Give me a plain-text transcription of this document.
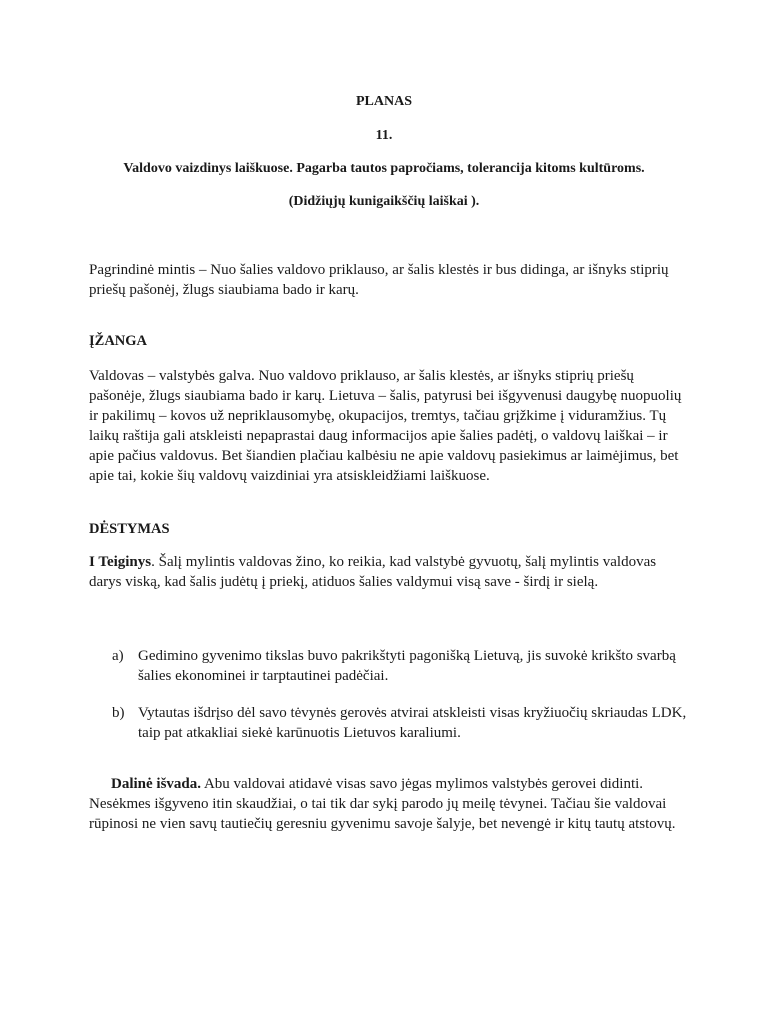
PLANAS

11.

Valdovo vaizdinys laiškuose. Pagarba tautos papročiams, tolerancija kitoms kultūroms.

(Didžiųjų kunigaikščių laiškai ).

Pagrindinė mintis – Nuo šalies valdovo priklauso, ar šalis klestės ir bus didinga, ar išnyks stiprių priešų pašonėj, žlugs siaubiama bado ir karų.

ĮŽANGA

Valdovas – valstybės galva. Nuo valdovo priklauso, ar šalis klestės, ar išnyks stiprių priešų pašonėje, žlugs siaubiama bado ir karų. Lietuva – šalis, patyrusi bei išgyvenusi daugybę nuopuolių ir pakilimų – kovos už nepriklausomybę, okupacijos, tremtys, tačiau grįžkime į viduramžius. Tų laikų raštija gali atskleisti nepaprastai daug informacijos apie šalies padėtį, o valdovų laiškai – ir apie pačius valdovus. Bet šiandien plačiau kalbėsiu ne apie valdovų pasiekimus ar laimėjimus, bet apie tai, kokie šių valdovų vaizdiniai yra atsiskleidžiami laiškuose.

DĖSTYMAS

I Teiginys. Šalį mylintis valdovas žino, ko reikia, kad valstybė gyvuotų, šalį mylintis valdovas darys viską, kad šalis judėtų į priekį, atiduos šalies valdymui visą save - širdį ir sielą.

a) Gedimino gyvenimo tikslas buvo pakrikštyti pagonišką Lietuvą, jis suvokė krikšto svarbą šalies ekonominei ir tarptautinei padėčiai.
b) Vytautas išdrįso dėl savo tėvynės gerovės atvirai atskleisti visas kryžiuočių skriaudas LDK, taip pat atkakliai siekė karūnuotis Lietuvos karaliumi.

Dalinė išvada. Abu valdovai atidavė visas savo jėgas mylimos valstybės gerovei didinti. Nesėkmes išgyveno itin skaudžiai, o tai tik dar sykį parodo jų meilę tėvynei. Tačiau šie valdovai rūpinosi ne vien savų tautiečių geresniu gyvenimu savoje šalyje, bet nevengė ir kitų tautų atstovų.
